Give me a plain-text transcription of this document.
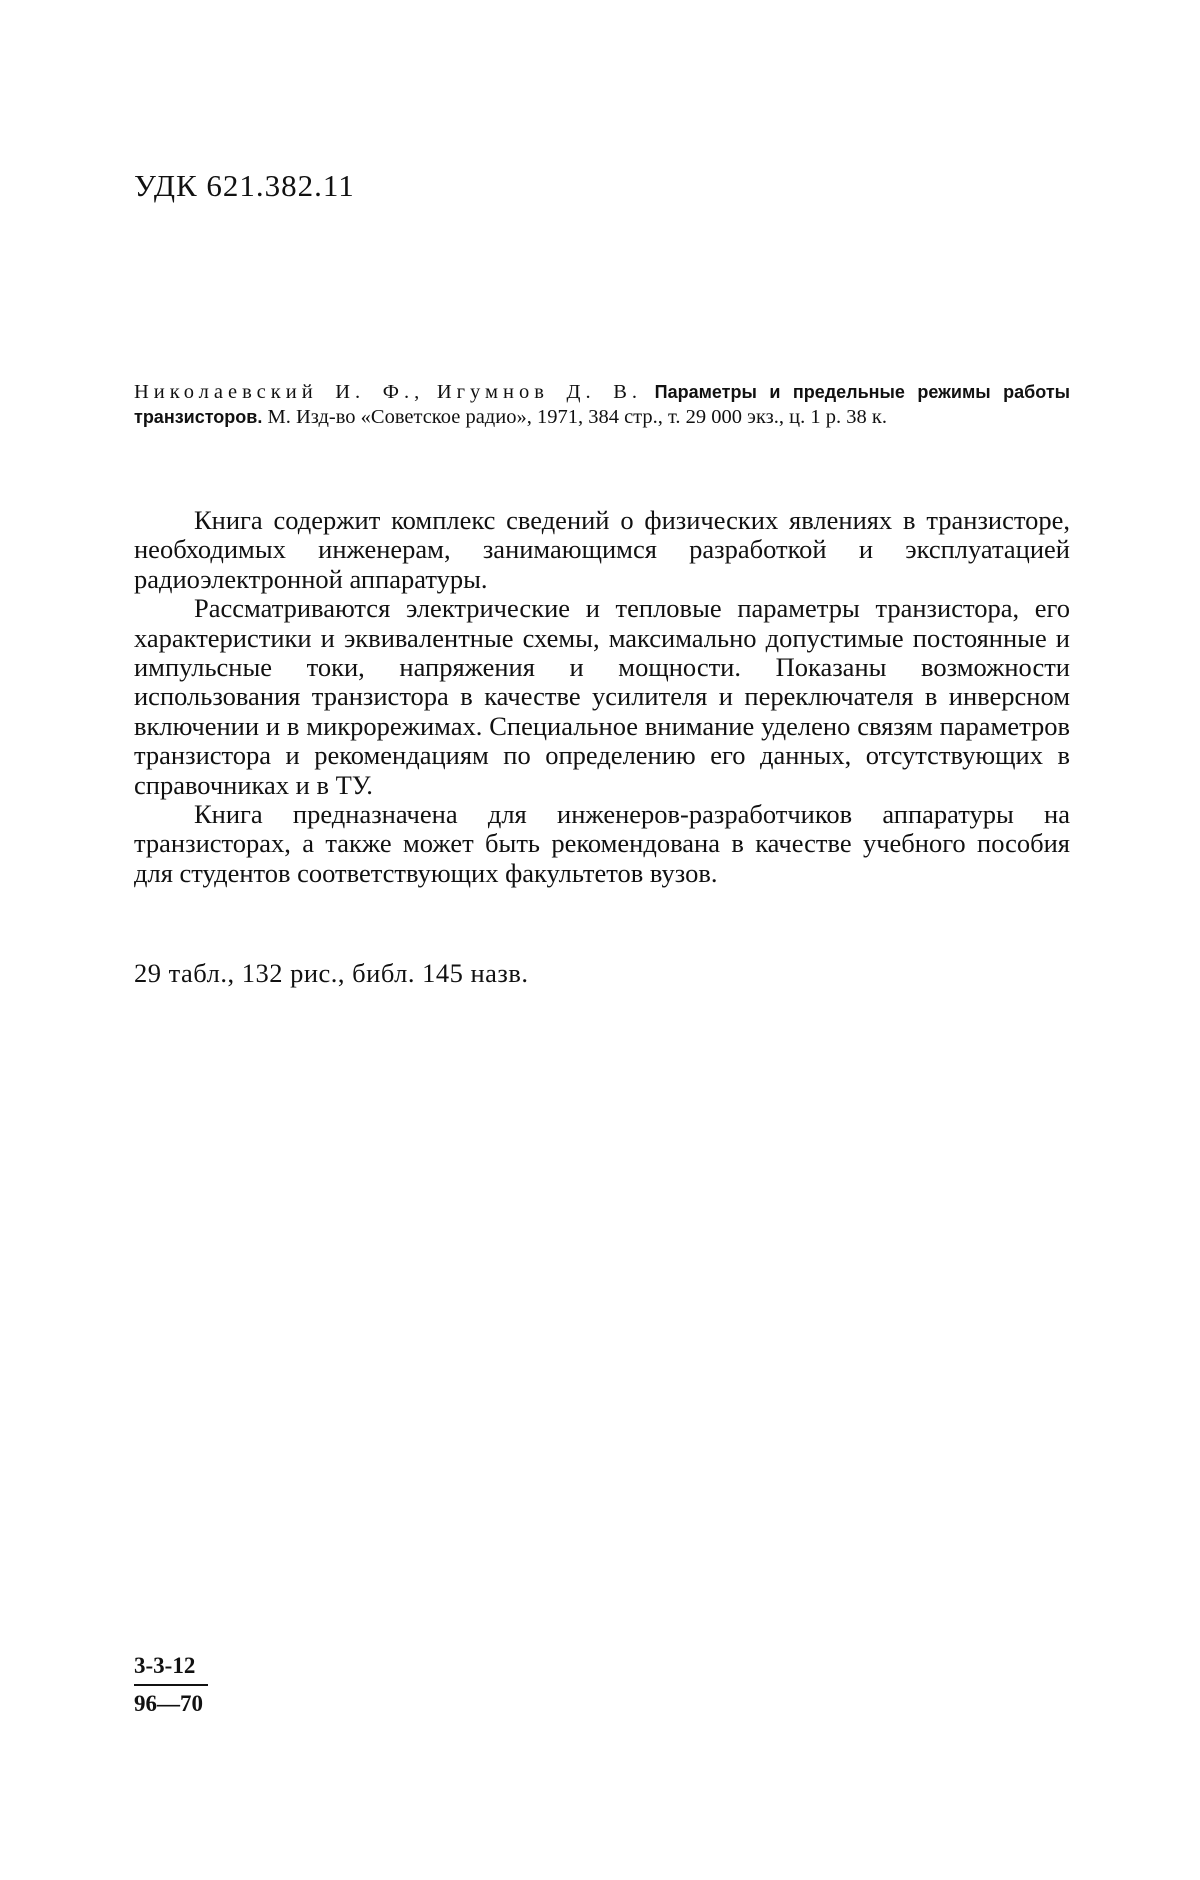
УДК 621.382.11
Николаевский И. Ф., Игумнов Д. В. Параметры и предельные режимы работы транзисторов. М. Изд-во «Советское радио», 1971, 384 стр., т. 29 000 экз., ц. 1 р. 38 к.

Книга содержит комплекс сведений о физических явлениях в транзисторе, необходимых инженерам, занимающимся разработкой и эксплуатацией радиоэлектронной аппаратуры.

Рассматриваются электрические и тепловые параметры транзистора, его характеристики и эквивалентные схемы, максимально допустимые постоянные и импульсные токи, напряжения и мощности. Показаны возможности использования транзистора в качестве усилителя и переключателя в инверсном включении и в микрорежимах. Специальное внимание уделено связям параметров транзистора и рекомендациям по определению его данных, отсутствующих в справочниках и в ТУ.

Книга предназначена для инженеров-разработчиков аппаратуры на транзисторах, а также может быть рекомендована в качестве учебного пособия для студентов соответствующих факультетов вузов.

29 табл., 132 рис., библ. 145 назв.
3-3-12
96—70
